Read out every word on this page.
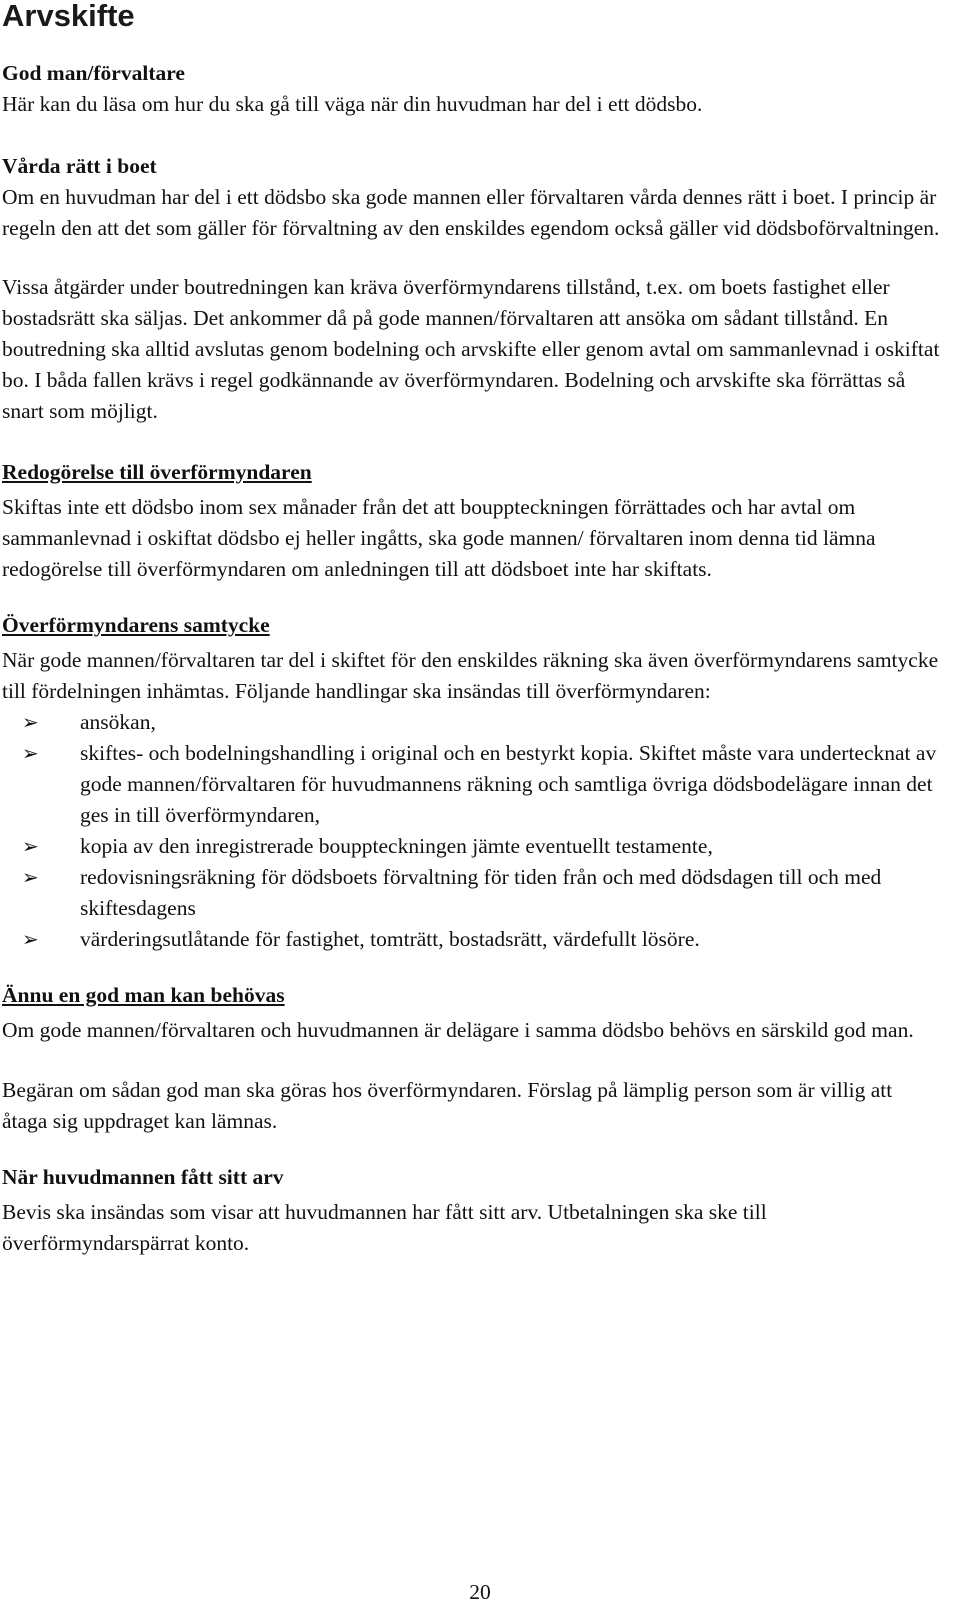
Arvskifte
God man/förvaltare

Här kan du läsa om hur du ska gå till väga när din huvudman har del i ett dödsbo.

Vårda rätt i boet

Om en huvudman har del i ett dödsbo ska gode mannen eller förvaltaren vårda dennes rätt i boet. I princip är regeln den att det som gäller för förvaltning av den enskildes egendom också gäller vid dödsboförvaltningen.

Vissa åtgärder under boutredningen kan kräva överförmyndarens tillstånd, t.ex. om boets fastighet eller bostadsrätt ska säljas. Det ankommer då på gode mannen/förvaltaren att ansöka om sådant tillstånd. En boutredning ska alltid avslutas genom bodelning och arvskifte eller genom avtal om sammanlevnad i oskiftat bo. I båda fallen krävs i regel godkännande av överförmyndaren. Bodelning och arvskifte ska förrättas så snart som möjligt.

Redogörelse till överförmyndaren

Skiftas inte ett dödsbo inom sex månader från det att bouppteckningen förrättades och har avtal om sammanlevnad i oskiftat dödsbo ej heller ingåtts, ska gode mannen/ förvaltaren inom denna tid lämna redogörelse till överförmyndaren om anledningen till att dödsboet inte har skiftats.

Överförmyndarens samtycke

När gode mannen/förvaltaren tar del i skiftet för den enskildes räkning ska även överförmyndarens samtycke till fördelningen inhämtas. Följande handlingar ska insändas till överförmyndaren:

➢	ansökan,
➢	skiftes- och bodelningshandling i original och en bestyrkt kopia. Skiftet måste vara undertecknat av gode mannen/förvaltaren för huvudmannens räkning och samtliga övriga dödsbodelägare innan det ges in till överförmyndaren,
➢	kopia av den inregistrerade bouppteckningen jämte eventuellt testamente,
➢	redovisningsräkning för dödsboets förvaltning för tiden från och med dödsdagen till och med skiftesdagens
➢	värderingsutlåtande för fastighet, tomträtt, bostadsrätt, värdefullt lösöre.
Ännu en god man kan behövas

Om gode mannen/förvaltaren och huvudmannen är delägare i samma dödsbo behövs en särskild god man.

Begäran om sådan god man ska göras hos överförmyndaren. Förslag på lämplig person som är villig att åtaga sig uppdraget kan lämnas.

När huvudmannen fått sitt arv

Bevis ska insändas som visar att huvudmannen har fått sitt arv. Utbetalningen ska ske till överförmyndarspärrat konto.

20
